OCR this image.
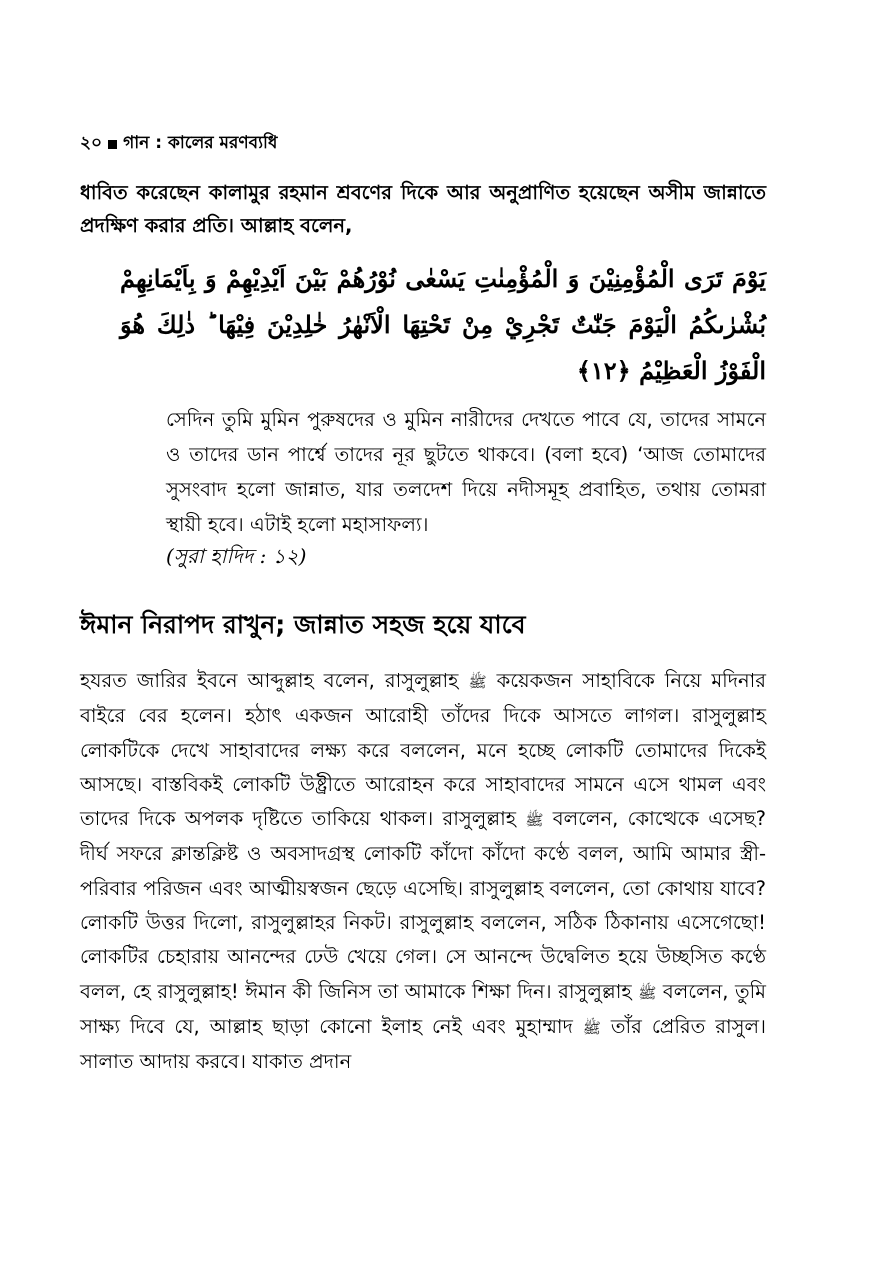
২০ গান : কালের মরণব্যধি

ধাবিত করেছেন কালামুর রহমান শ্রবণের দিকে আর অনুপ্রাণিত হয়েছেন অসীম জান্নাতে প্রদক্ষিণ করার প্রতি। আল্লাহ বলেন,

يَوْمَ تَرَى الْمُؤْمِنِيْنَ وَ الْمُؤْمِنٰتِ يَسْعٰى نُوْرُهُمْ بَيْنَ اَيْدِيْهِمْ وَ بِاَيْمَانِهِمْ بُشْرٰىكُمُ الْيَوْمَ جَنّٰتٌ تَجْرِيْ مِنْ تَحْتِهَا الْاَنْهٰرُ خٰلِدِيْنَ فِيْهَا ؕ ذٰلِكَ هُوَ الْفَوْزُ الْعَظِيْمُ ﴿١٢﴾
সেদিন তুমি মুমিন পুরুষদের ও মুমিন নারীদের দেখতে পাবে যে, তাদের সামনে ও তাদের ডান পার্শ্বে তাদের নূর ছুটতে থাকবে। (বলা হবে) ‘আজ তোমাদের সুসংবাদ হলো জান্নাত, যার তলদেশ দিয়ে নদীসমূহ প্রবাহিত, তথায় তোমরা স্থায়ী হবে। এটাই হলো মহাসাফল্য।
(সুরা হাদিদ : ১২)
ঈমান নিরাপদ রাখুন; জান্নাত সহজ হয়ে যাবে

হযরত জারির ইবনে আব্দুল্লাহ বলেন, রাসুলুল্লাহ ﷺ কয়েকজন সাহাবিকে নিয়ে মদিনার বাইরে বের হলেন। হঠাৎ একজন আরোহী তাঁদের দিকে আসতে লাগল। রাসুলুল্লাহ লোকটিকে দেখে সাহাবাদের লক্ষ্য করে বললেন, মনে হচ্ছে লোকটি তোমাদের দিকেই আসছে। বাস্তবিকই লোকটি উষ্ট্রীতে আরোহন করে সাহাবাদের সামনে এসে থামল এবং তাদের দিকে অপলক দৃষ্টিতে তাকিয়ে থাকল। রাসুলুল্লাহ ﷺ বললেন, কোত্থেকে এসেছ? দীর্ঘ সফরে ক্লান্তক্লিষ্ট ও অবসাদগ্রস্থ লোকটি কাঁদো কাঁদো কণ্ঠে বলল, আমি আমার স্ত্রী-পরিবার পরিজন এবং আত্মীয়স্বজন ছেড়ে এসেছি। রাসুলুল্লাহ বললেন, তো কোথায় যাবে? লোকটি উত্তর দিলো, রাসুলুল্লাহর নিকট। রাসুলুল্লাহ বললেন, সঠিক ঠিকানায় এসেগেছো! লোকটির চেহারায় আনন্দের ঢেউ খেয়ে গেল। সে আনন্দে উদ্বেলিত হয়ে উচ্ছসিত কণ্ঠে বলল, হে রাসুলুল্লাহ! ঈমান কী জিনিস তা আমাকে শিক্ষা দিন। রাসুলুল্লাহ ﷺ বললেন, তুমি সাক্ষ্য দিবে যে, আল্লাহ ছাড়া কোনো ইলাহ নেই এবং মুহাম্মাদ ﷺ তাঁর প্রেরিত রাসুল। সালাত আদায় করবে। যাকাত প্রদান
